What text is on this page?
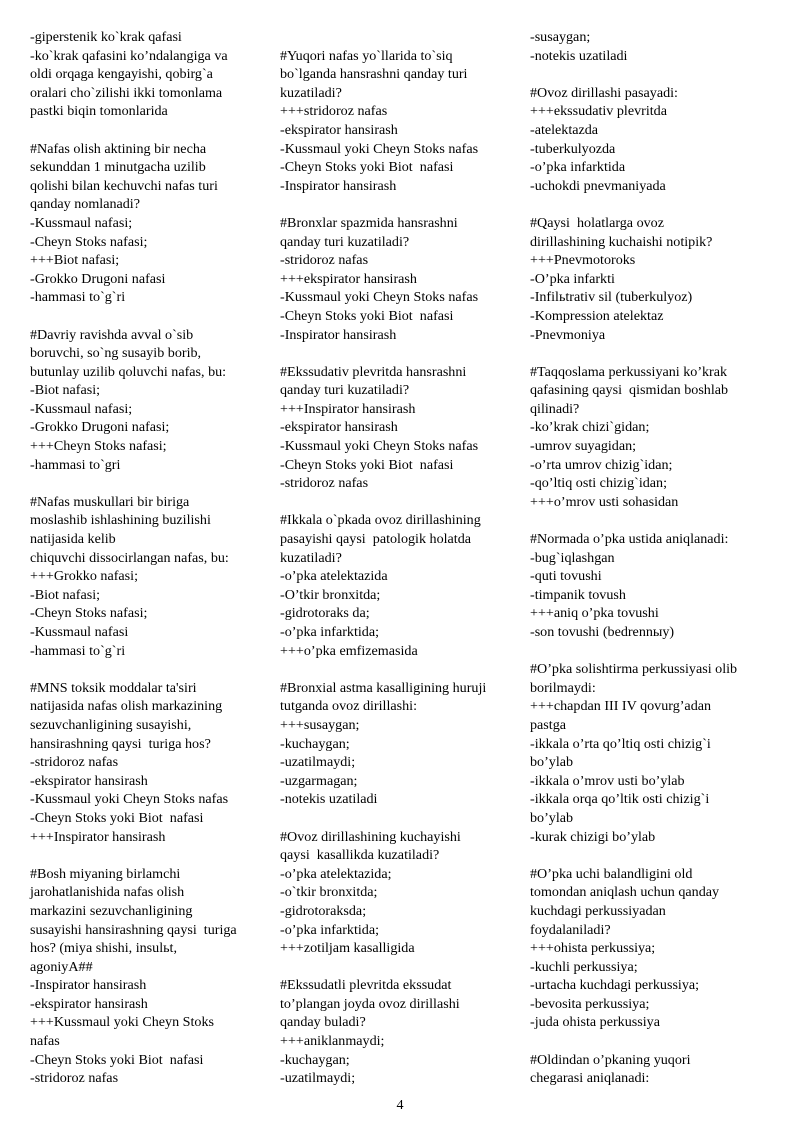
-giperstenik ko`krak qafasi
-ko`krak qafasini ko’ndalangiga va
oldi orqaga kengayishi, qobirg`a
oralari cho`zilishi ikki tomonlama
pastki biqin tomonlarida
#Nafas olish aktining bir necha
sekunddan 1 minutgacha uzilib
qolishi bilan kechuvchi nafas turi
qanday nomlanadi?
-Kussmaul nafasi;
-Cheyn Stoks nafasi;
+++Biot nafasi;
-Grokko Drugoni nafasi
-hammasi to`g`ri
#Davriy ravishda avval o`sib
boruvchi, so`ng susayib borib,
butunlay uzilib qoluvchi nafas, bu:
-Biot nafasi;
-Kussmaul nafasi;
-Grokko Drugoni nafasi;
+++Cheyn Stoks nafasi;
-hammasi to`gri
#Nafas muskullari bir biriga
moslashib ishlashining buzilishi
natijasida kelib
chiquvchi dissocirlangan nafas, bu:
+++Grokko nafasi;
-Biot nafasi;
-Cheyn Stoks nafasi;
-Kussmaul nafasi
-hammasi to`g`ri
#MNS toksik moddalar ta'siri
natijasida nafas olish markazining
sezuvchanligining susayishi,
hansirashning qaysi  turiga hos?
-stridoroz nafas
-ekspirator hansirash
-Kussmaul yoki Cheyn Stoks nafas
-Cheyn Stoks yoki Biot  nafasi
+++Inspirator hansirash
#Bosh miyaning birlamchi
jarohatlanishida nafas olish
markazini sezuvchanligining
susayishi hansirashning qaysi  turiga
hos? (miya shishi, insulьt,
agoniyA##
-Inspirator hansirash
-ekspirator hansirash
+++Kussmaul yoki Cheyn Stoks
nafas
-Cheyn Stoks yoki Biot  nafasi
-stridoroz nafas
#Yuqori nafas yo`llarida to`siq
bo`lganda hansrashni qanday turi
kuzatiladi?
+++stridoroz nafas
-ekspirator hansirash
-Kussmaul yoki Cheyn Stoks nafas
-Cheyn Stoks yoki Biot  nafasi
-Inspirator hansirash
#Bronxlar spazmida hansrashni
qanday turi kuzatiladi?
-stridoroz nafas
+++ekspirator hansirash
-Kussmaul yoki Cheyn Stoks nafas
-Cheyn Stoks yoki Biot  nafasi
-Inspirator hansirash
#Ekssudativ plevritda hansrashni
qanday turi kuzatiladi?
+++Inspirator hansirash
-ekspirator hansirash
-Kussmaul yoki Cheyn Stoks nafas
-Cheyn Stoks yoki Biot  nafasi
-stridoroz nafas
#Ikkala o`pkada ovoz dirillashining
pasayishi qaysi  patologik holatda
kuzatiladi?
-o’pka atelektazida
-O’tkir bronxitda;
-gidrotoraks da;
-o’pka infarktida;
+++o’pka emfizemasida
#Bronxial astma kasalligining huruji
tutganda ovoz dirillashi:
+++susaygan;
-kuchaygan;
-uzatilmaydi;
-uzgarmagan;
-notekis uzatiladi
#Ovoz dirillashining kuchayishi
qaysi  kasallikda kuzatiladi?
-o’pka atelektazida;
-o`tkir bronxitda;
-gidrotoraksda;
-o’pka infarktida;
+++zotiljam kasalligida
#Ekssudatli plevritda ekssudat
to’plangan joyda ovoz dirillashi
qanday buladi?
+++aniklanmaydi;
-kuchaygan;
-uzatilmaydi;
-susaygan;
-notekis uzatiladi
#Ovoz dirillashi pasayadi:
+++ekssudativ plevritda
-atelektazda
-tuberkulyozda
-o’pka infarktida
-uchokdi pnevmaniyada
#Qaysi  holatlarga ovoz
dirillashining kuchaishi notipik?
+++Pnevmotoroks
-O’pka infarkti
-Infilьtrativ sil (tuberkulyoz)
-Kompression atelektaz
-Pnevmoniya
#Taqqoslama perkussiyani ko’krak
qafasining qaysi  qismidan boshlab
qilinadi?
-ko’krak chizi`gidan;
-umrov suyagidan;
-o’rta umrov chizig`idan;
-qo’ltiq osti chizig`idan;
+++o’mrov usti sohasidan
#Normada o’pka ustida aniqlanadi:
-bug`iqlashgan
-quti tovushi
-timpanik tovush
+++aniq o’pka tovushi
-son tovushi (bedrennыy)
#O’pka solishtirma perkussiyasi olib
borilmaydi:
+++chapdan III IV qovurg’adan
pastga
-ikkala o’rta qo’ltiq osti chizig`i
bo’ylab
-ikkala o’mrov usti bo’ylab
-ikkala orqa qo’ltik osti chizig`i
bo’ylab
-kurak chizigi bo’ylab
#O’pka uchi balandligini old
tomondan aniqlash uchun qanday
kuchdagi perkussiyadan
foydalaniladi?
+++ohista perkussiya;
-kuchli perkussiya;
-urtacha kuchdagi perkussiya;
-bevosita perkussiya;
-juda ohista perkussiya
#Oldindan o’pkaning yuqori
chegarasi aniqlanadi:
4
